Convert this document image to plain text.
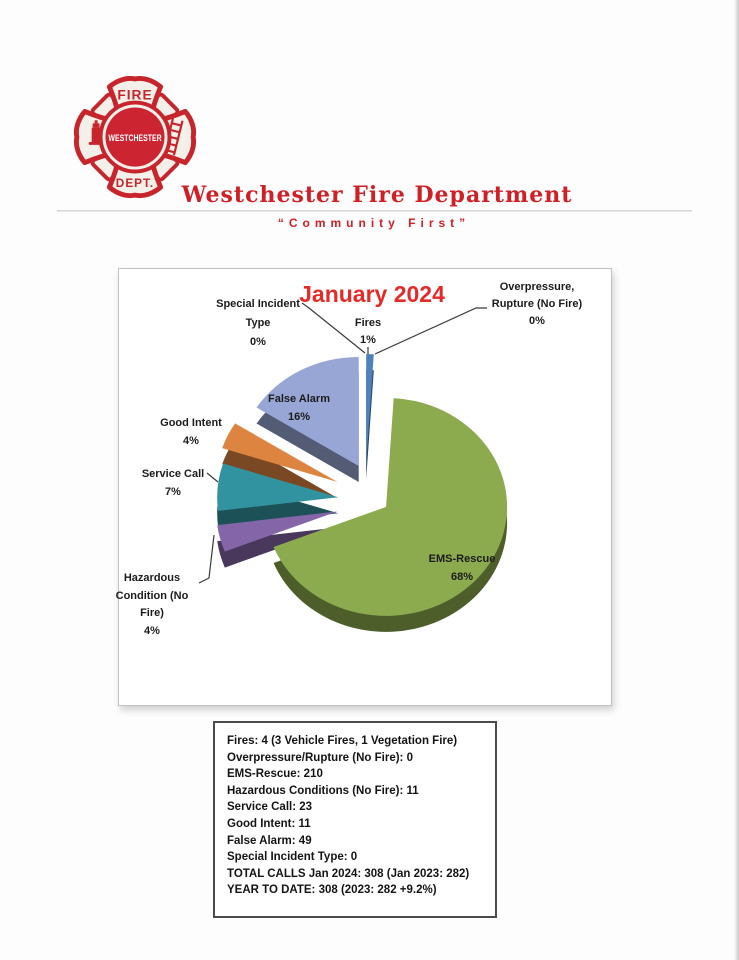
WESTCHESTER
FIRE
DEPT. Westchester Fire Department
“Community First”
January 2024
Fires
1%
Overpressure,
Rupture (No Fire)
0%
EMS-Rescue
68%
Hazardous
Condition (No
Fire)
4%
Service Call
7%
Good Intent
4%
False Alarm
16%
Special Incident
Type
0%
Fires: 4 (3 Vehicle Fires, 1 Vegetation Fire)
Overpressure/Rupture (No Fire): 0
EMS-Rescue: 210
Hazardous Conditions (No Fire): 11
Service Call: 23
Good Intent: 11
False Alarm: 49
Special Incident Type: 0
TOTAL CALLS Jan 2024: 308 (Jan 2023: 282)
YEAR TO DATE: 308 (2023: 282 +9.2%)
